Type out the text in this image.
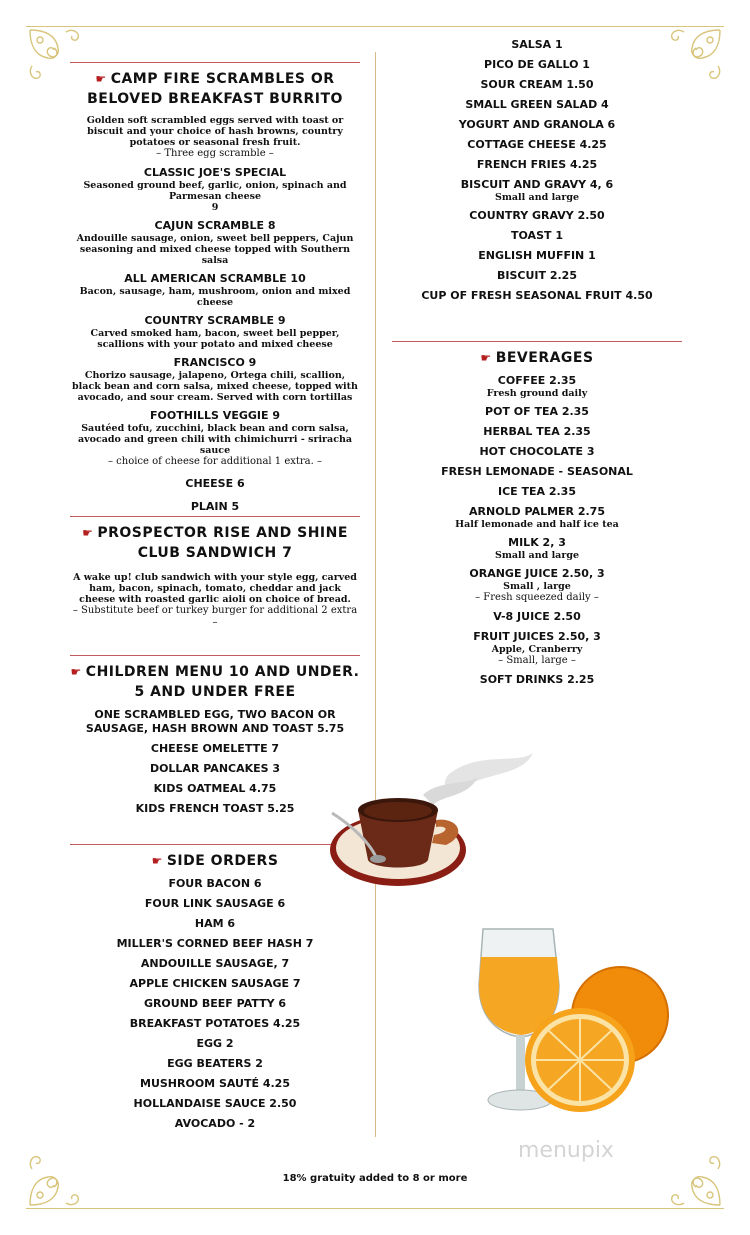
☛ CAMP FIRE SCRAMBLES OR BELOVED BREAKFAST BURRITO
Golden soft scrambled eggs served with toast or biscuit and your choice of hash browns, country potatoes or seasonal fresh fruit.
– Three egg scramble –
CLASSIC JOE'S SPECIAL
Seasoned ground beef, garlic, onion, spinach and Parmesan cheese
9
CAJUN SCRAMBLE 8
Andouille sausage, onion, sweet bell peppers, Cajun seasoning and mixed cheese topped with Southern salsa
ALL AMERICAN SCRAMBLE 10
Bacon, sausage, ham, mushroom, onion and mixed cheese
COUNTRY SCRAMBLE 9
Carved smoked ham, bacon, sweet bell pepper, scallions with your potato and mixed cheese
FRANCISCO 9
Chorizo sausage, jalapeno, Ortega chili, scallion, black bean and corn salsa, mixed cheese, topped with avocado, and sour cream. Served with corn tortillas
FOOTHILLS VEGGIE 9
Sautéed tofu, zucchini, black bean and corn salsa, avocado and green chili with chimichurri - sriracha sauce
– choice of cheese for additional 1 extra. –
CHEESE 6
PLAIN 5
☛ PROSPECTOR RISE AND SHINE CLUB SANDWICH 7
A wake up! club sandwich with your style egg, carved ham, bacon, spinach, tomato, cheddar and jack cheese with roasted garlic aioli on choice of bread.
– Substitute beef or turkey burger for additional 2 extra –
☛ CHILDREN MENU 10 AND UNDER. 5 AND UNDER FREE
ONE SCRAMBLED EGG, TWO BACON OR SAUSAGE, HASH BROWN AND TOAST 5.75
CHEESE OMELETTE 7
DOLLAR PANCAKES 3
KIDS OATMEAL 4.75
KIDS FRENCH TOAST 5.25
☛ SIDE ORDERS
FOUR BACON 6
FOUR LINK SAUSAGE 6
HAM 6
MILLER'S CORNED BEEF HASH 7
ANDOUILLE SAUSAGE, 7
APPLE CHICKEN SAUSAGE 7
GROUND BEEF PATTY 6
BREAKFAST POTATOES 4.25
EGG 2
EGG BEATERS 2
MUSHROOM SAUTÉ 4.25
HOLLANDAISE SAUCE 2.50
AVOCADO - 2
SALSA 1
PICO DE GALLO 1
SOUR CREAM 1.50
SMALL GREEN SALAD 4
YOGURT AND GRANOLA 6
COTTAGE CHEESE 4.25
FRENCH FRIES 4.25
BISCUIT AND GRAVY 4, 6
Small and large
COUNTRY GRAVY 2.50
TOAST 1
ENGLISH MUFFIN 1
BISCUIT 2.25
CUP OF FRESH SEASONAL FRUIT 4.50
☛ BEVERAGES
COFFEE 2.35
Fresh ground daily
POT OF TEA 2.35
HERBAL TEA 2.35
HOT CHOCOLATE 3
FRESH LEMONADE - SEASONAL
ICE TEA 2.35
ARNOLD PALMER 2.75
Half lemonade and half ice tea
MILK 2, 3
Small and large
ORANGE JUICE 2.50, 3
Small , large
– Fresh squeezed daily –
V-8 JUICE 2.50
FRUIT JUICES 2.50, 3
Apple, Cranberry
– Small, large –
SOFT DRINKS 2.25
menupix
18% gratuity added to 8 or more
